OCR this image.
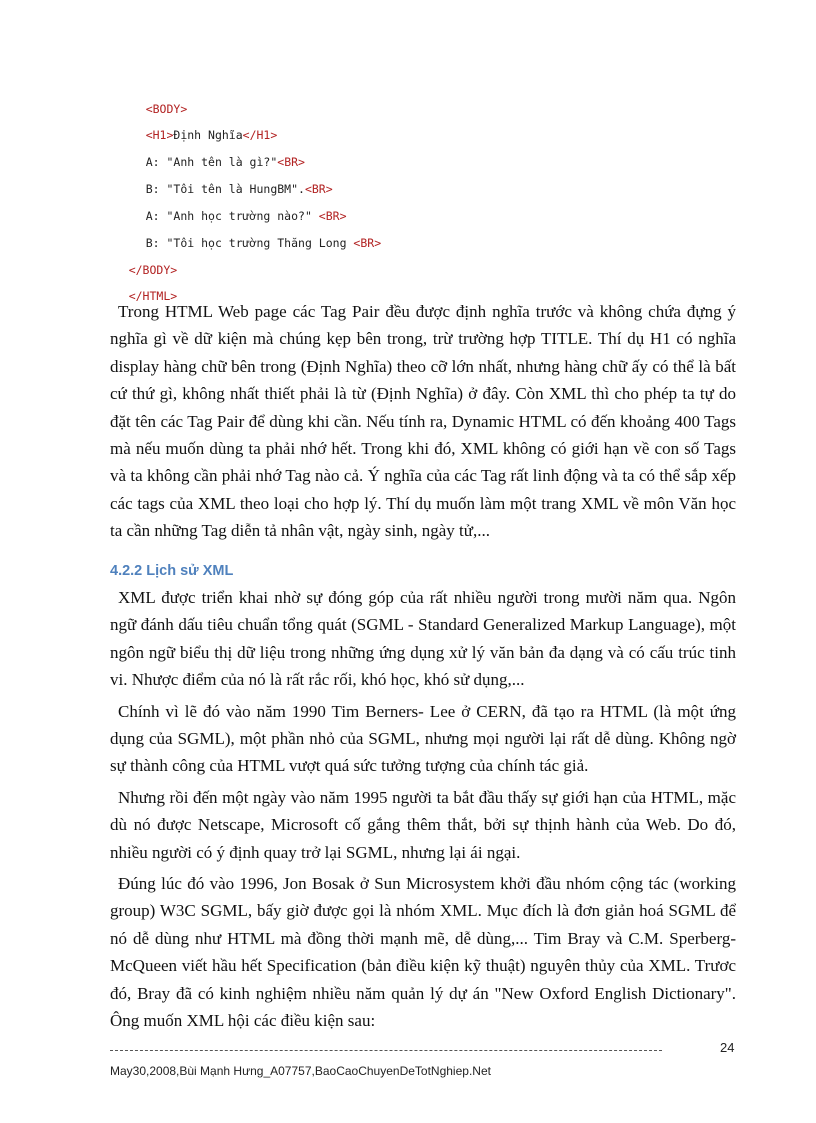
<BODY>

<H1>Định Nghĩa</H1>

A: "Anh tên là gì?"<BR>

B: "Tôi tên là HungBM".<BR>

A: "Anh học trường nào?" <BR>

B: "Tôi học trường Thăng Long <BR>

</BODY>

</HTML>

Trong HTML Web page các Tag Pair đều được định nghĩa trước và không chứa đựng ý nghĩa gì về dữ kiện mà chúng kẹp bên trong, trừ trường hợp TITLE. Thí dụ H1 có nghĩa display hàng chữ bên trong (Định Nghĩa) theo cỡ lớn nhất, nhưng hàng chữ ấy có thể là bất cứ thứ gì, không nhất thiết phải là từ (Định Nghĩa) ở đây. Còn XML thì cho phép ta tự do đặt tên các Tag Pair để dùng khi cần. Nếu tính ra, Dynamic HTML có đến khoảng 400 Tags mà nếu muốn dùng ta phải nhớ hết. Trong khi đó, XML không có giới hạn về con số Tags và ta không cần phải nhớ Tag nào cả. Ý nghĩa của các Tag rất linh động và ta có thể sắp xếp các tags của XML theo loại cho hợp lý. Thí dụ muốn làm một trang XML về môn Văn học ta cần những Tag diễn tả nhân vật, ngày sinh, ngày tử,...

4.2.2 Lịch sử XML

XML được triển khai nhờ sự đóng góp của rất nhiều người trong mười năm qua. Ngôn ngữ đánh dấu tiêu chuẩn tổng quát (SGML - Standard Generalized Markup Language), một ngôn ngữ biểu thị dữ liệu trong những ứng dụng xử lý văn bản đa dạng và có cấu trúc tinh vi. Nhược điểm của nó là rất rắc rối, khó học, khó sử dụng,...

Chính vì lẽ đó vào năm 1990 Tim Berners- Lee ở CERN, đã tạo ra HTML (là một ứng dụng của SGML), một phần nhỏ của SGML, nhưng mọi người lại rất dễ dùng. Không ngờ sự thành công của HTML vượt quá sức tưởng tượng của chính tác giả.

Nhưng rồi đến một ngày vào năm 1995 người ta bắt đầu thấy sự giới hạn của HTML, mặc dù nó được Netscape, Microsoft cố gắng thêm thắt, bởi sự thịnh hành của Web. Do đó, nhiều người có ý định quay trở lại SGML, nhưng lại ái ngại.

Đúng lúc đó vào 1996, Jon Bosak ở Sun Microsystem khởi đầu nhóm cộng tác (working group) W3C SGML, bấy giờ được gọi là nhóm XML. Mục đích là đơn giản hoá SGML để nó dễ dùng như HTML mà đồng thời mạnh mẽ, dễ dùng,... Tim Bray và C.M. Sperberg-McQueen viết hầu hết Specification (bản điều kiện kỹ thuật) nguyên thủy của XML. Trươc đó, Bray đã có kinh nghiệm nhiều năm quản lý dự án "New Oxford English Dictionary". Ông muốn XML hội các điều kiện sau:

24
May30,2008,Bùi Mạnh Hưng_A07757,BaoCaoChuyenDeTotNghiep.Net
